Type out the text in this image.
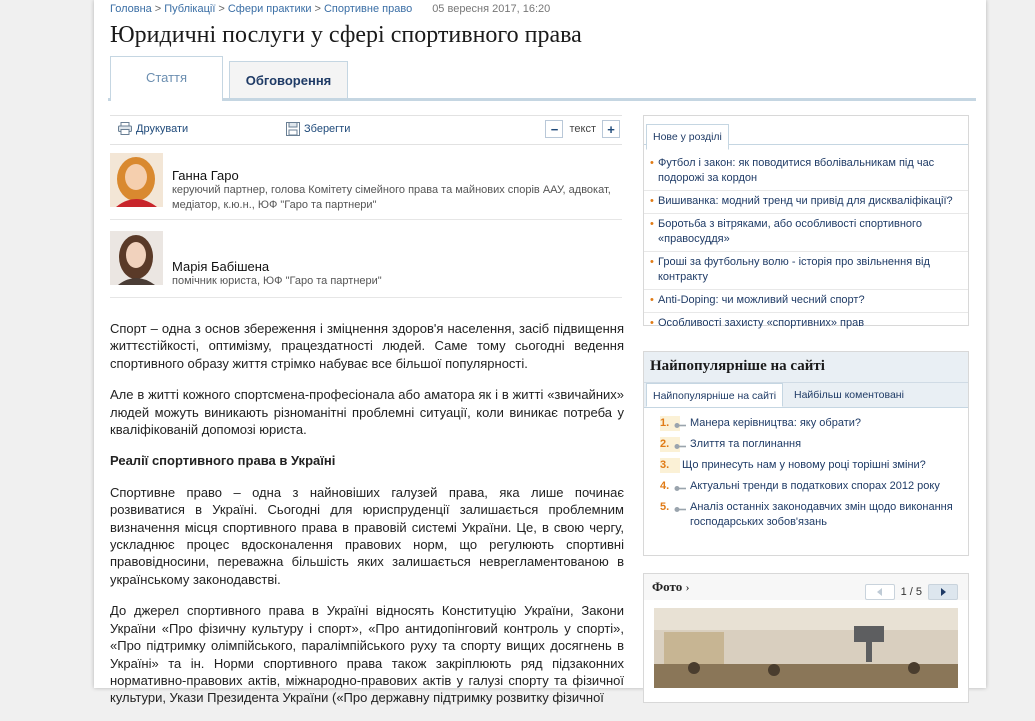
Головна > Публікації > Сфери практики > Спортивне право 05 вересня 2017, 16:20
Юридичні послуги у сфері спортивного права
Стаття	Обговорення
Друкувати	Зберегти	−	текст +
Ганна Гаро
керуючий партнер, голова Комітету сімейного права та майнових спорів ААУ, адвокат, медіатор, к.ю.н., ЮФ "Гаро та партнери"
Марія Бабішена
помічник юриста, ЮФ "Гаро та партнери"

Спорт – одна з основ збереження і зміцнення здоров'я населення, засіб підвищення життєстійкості, оптимізму, працездатності людей. Саме тому сьогодні ведення спортивного образу життя стрімко набуває все більшої популярності.

Але в житті кожного спортсмена-професіонала або аматора як і в житті «звичайних» людей можуть виникають різноманітні проблемні ситуації, коли виникає потреба у кваліфікованій допомозі юриста.

Реалії спортивного права в Україні

Спортивне право – одна з найновіших галузей права, яка лише починає розвиватися в Україні. Сьогодні для юриспруденції залишається проблемним визначення місця спортивного права в правовій системі України. Це, в свою чергу, ускладнює процес вдосконалення правових норм, що регулюють спортивні правовідносини, переважна більшість яких залишається неврегламентованою в українському законодавстві.

До джерел спортивного права в Україні відносять Конституцію України, Закони України «Про фізичну культуру і спорт», «Про антидопінговий контроль у спорті», «Про підтримку олімпійського, паралімпійського руху та спорту вищих досягнень в Україні» та ін. Норми спортивного права також закріплюють ряд підзаконних нормативно-правових актів, міжнародно-правових актів у галузі спорту та фізичної культури, Укази Президента України («Про державну підтримку розвитку фізичної

Нове у розділі
• Футбол і закон: як поводитися вболівальникам під час подорожі за кордон
• Вишиванка: модний тренд чи привід для дискваліфікації?
• Боротьба з вітряками, або особливості спортивного «правосуддя»
• Гроші за футбольну волю - історія про звільнення від контракту
• Anti-Doping: чи можливий чесний спорт?
• Особливості захисту «спортивних» прав
Найпопулярніше на сайті
Найпопулярніше на сайті	Найбільш коментовані
1.	Манера керівництва: яку обрати?
2.	Злиття та поглинання
3.	Що принесуть нам у новому році торішні зміни?
4.	Актуальні тренди в податкових спорах 2012 року
5.	Аналіз останніх законодавчих змін щодо виконання господарських зобов'язань
Фото ›	1 / 5
